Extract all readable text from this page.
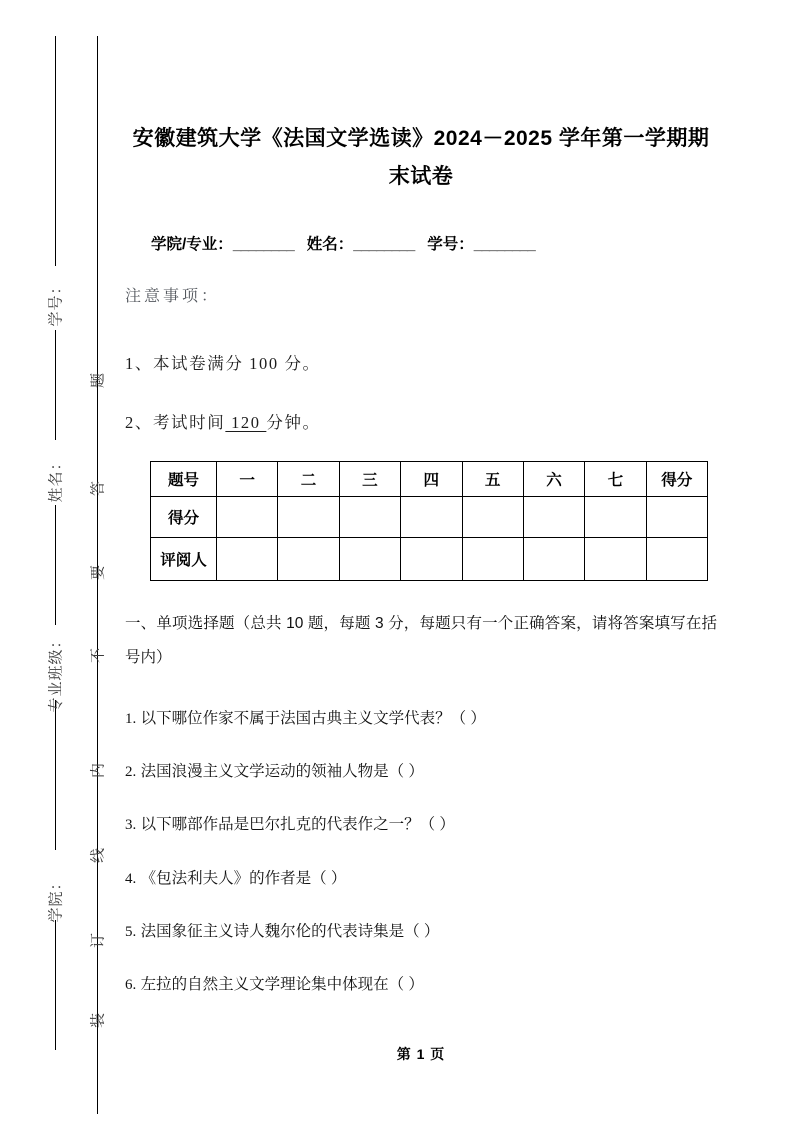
学号：
姓名：
专业班级：
学院：
题
答
要
不
内
线
订
装
安徽建筑大学《法国文学选读》2024－2025 学年第一学期期末试卷
学院/专业：________ 姓名：________ 学号：________
注意事项：
1、本试卷满分 100 分。
2、考试时间 120 分钟。
题号	一	二	三	四	五	六	七	得分
得分								
评阅人								
一、单项选择题（总共 10 题，每题 3 分，每题只有一个正确答案，请将答案填写在括号内）
1. 以下哪位作家不属于法国古典主义文学代表？（ ）
2. 法国浪漫主义文学运动的领袖人物是（ ）
3. 以下哪部作品是巴尔扎克的代表作之一？（ ）
4. 《包法利夫人》的作者是（ ）
5. 法国象征主义诗人魏尔伦的代表诗集是（ ）
6. 左拉的自然主义文学理论集中体现在（ ）
第 1 页
